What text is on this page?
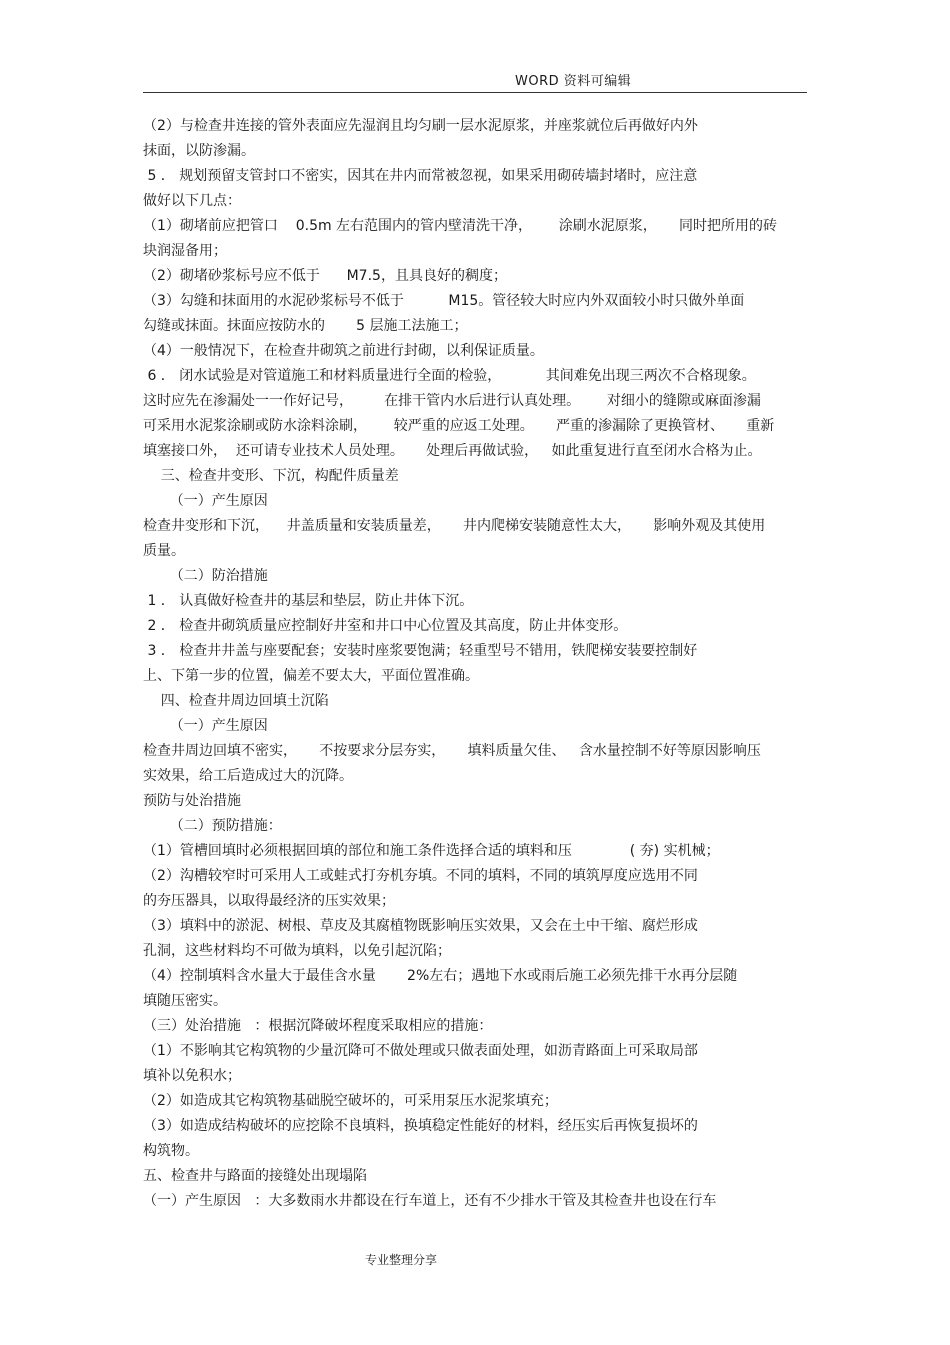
WORD 资料可编辑
（2）与检查井连接的管外表面应先湿润且均匀刷一层水泥原浆，并座浆就位后再做好内外
抹面，以防渗漏。
5 ． 规划预留支管封口不密实，因其在井内而常被忽视，如果采用砌砖墙封堵时，应注意
做好以下几点：
（1）砌堵前应把管口    0.5m 左右范围内的管内壁清洗干净，      涂刷水泥原浆，     同时把所用的砖
块润湿备用；
（2）砌堵砂浆标号应不低于      M7.5，且具良好的稠度；
（3）勾缝和抹面用的水泥砂浆标号不低于          M15。管径较大时应内外双面较小时只做外单面
勾缝或抹面。抹面应按防水的       5 层施工法施工；
（4）一般情况下，在检查井砌筑之前进行封砌，以利保证质量。
6 ． 闭水试验是对管道施工和材料质量进行全面的检验，          其间难免出现三两次不合格现象。
这时应先在渗漏处一一作好记号，       在排干管内水后进行认真处理。      对细小的缝隙或麻面渗漏
可采用水泥浆涂刷或防水涂料涂刷，      较严重的应返工处理。     严重的渗漏除了更换管材、     重新
填塞接口外，  还可请专业技术人员处理。     处理后再做试验，   如此重复进行直至闭水合格为止。
三、检查井变形、下沉，构配件质量差
（一）产生原因
检查井变形和下沉，    井盖质量和安装质量差，     井内爬梯安装随意性太大，     影响外观及其使用
质量。
（二）防治措施
1 ． 认真做好检查井的基层和垫层，防止井体下沉。
2 ． 检查井砌筑质量应控制好井室和井口中心位置及其高度，防止井体变形。
3 ． 检查井井盖与座要配套；安装时座浆要饱满；轻重型号不错用，铁爬梯安装要控制好
上、下第一步的位置，偏差不要太大，平面位置准确。
四、检查井周边回填土沉陷
（一）产生原因
检查井周边回填不密实，     不按要求分层夯实，     填料质量欠佳、   含水量控制不好等原因影响压
实效果，给工后造成过大的沉降。
预防与处治措施
（二）预防措施：
（1）管槽回填时必须根据回填的部位和施工条件选择合适的填料和压             ( 夯) 实机械；
（2）沟槽较窄时可采用人工或蛙式打夯机夯填。不同的填料，不同的填筑厚度应选用不同
的夯压器具，以取得最经济的压实效果；
（3）填料中的淤泥、树根、草皮及其腐植物既影响压实效果，又会在土中干缩、腐烂形成
孔洞，这些材料均不可做为填料，以免引起沉陷；
（4）控制填料含水量大于最佳含水量       2%左右；遇地下水或雨后施工必须先排干水再分层随
填随压密实。
（三）处治措施   ：根据沉降破坏程度采取相应的措施：
（1）不影响其它构筑物的少量沉降可不做处理或只做表面处理，如沥青路面上可采取局部
填补以免积水；
（2）如造成其它构筑物基础脱空破坏的，可采用泵压水泥浆填充；
（3）如造成结构破坏的应挖除不良填料，换填稳定性能好的材料，经压实后再恢复损坏的
构筑物。
五、检查井与路面的接缝处出现塌陷
（一）产生原因   ：大多数雨水井都设在行车道上，还有不少排水干管及其检查井也设在行车
专业整理分享
